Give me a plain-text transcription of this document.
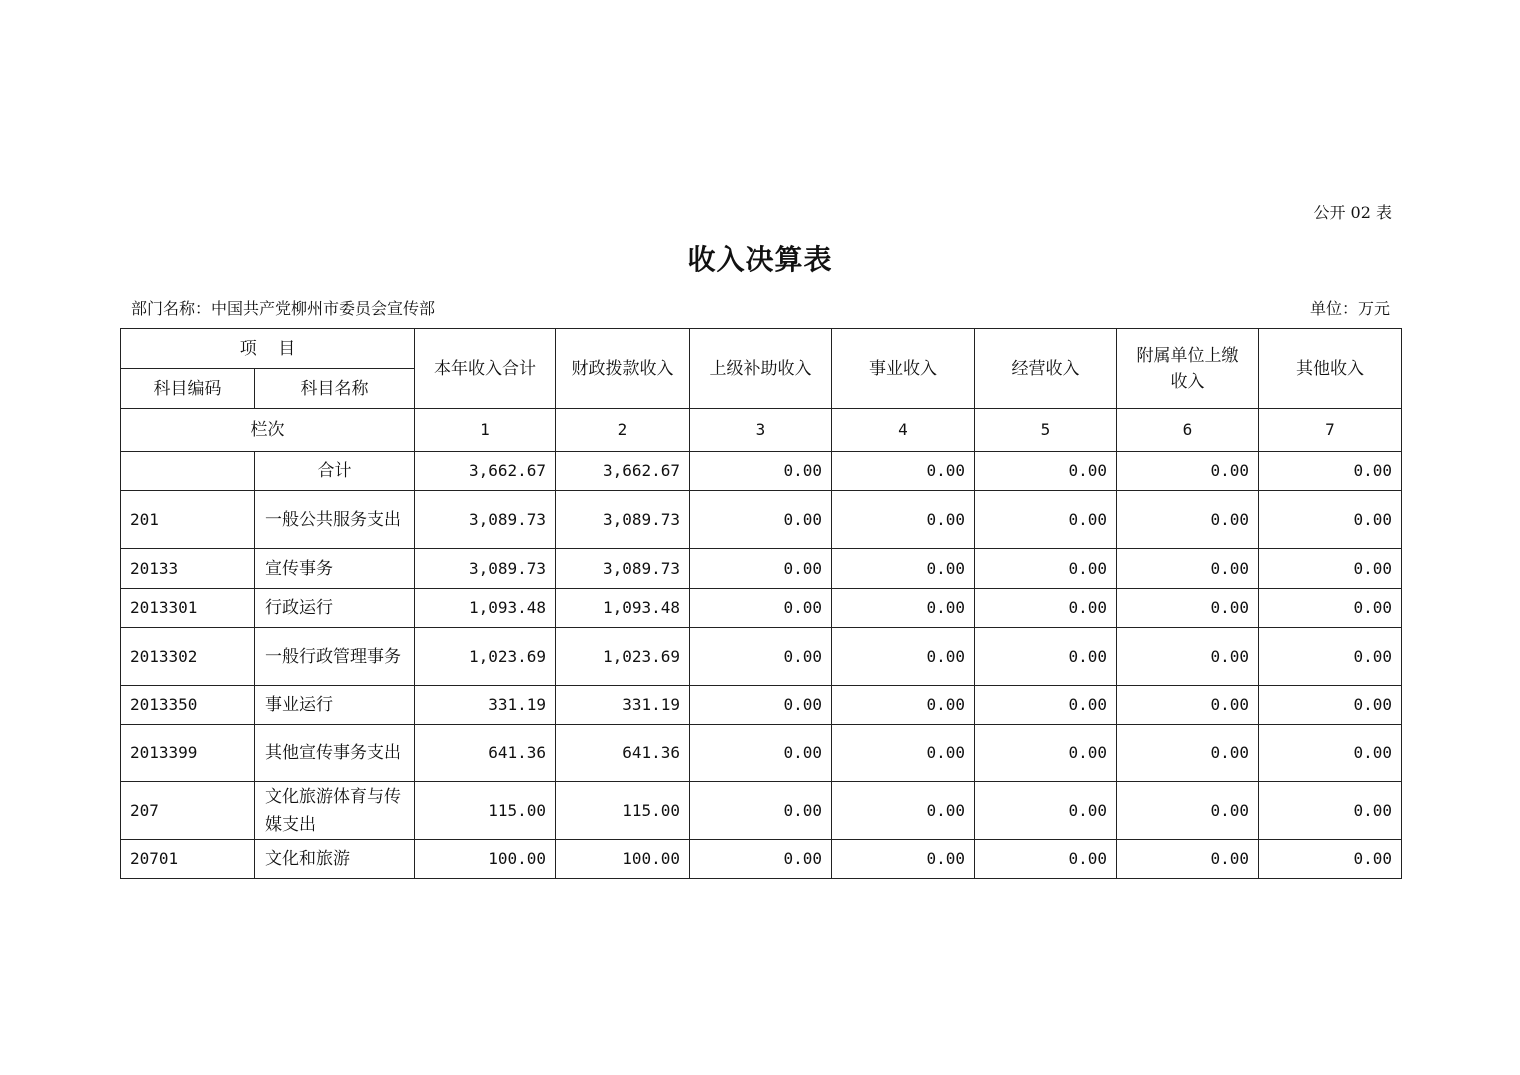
公开 02 表
收入决算表
部门名称：中国共产党柳州市委员会宣传部	单位：万元
项    目		本年收入合计	财政拨款收入	上级补助收入	事业收入	经营收入	附属单位上缴收入	其他收入
科目编码	科目名称							
栏次		1	2	3	4	5	6	7
	合计	3,662.67	3,662.67	0.00	0.00	0.00	0.00	0.00
201	一般公共服务支出	3,089.73	3,089.73	0.00	0.00	0.00	0.00	0.00
20133	宣传事务	3,089.73	3,089.73	0.00	0.00	0.00	0.00	0.00
2013301	行政运行	1,093.48	1,093.48	0.00	0.00	0.00	0.00	0.00
2013302	一般行政管理事务	1,023.69	1,023.69	0.00	0.00	0.00	0.00	0.00
2013350	事业运行	331.19	331.19	0.00	0.00	0.00	0.00	0.00
2013399	其他宣传事务支出	641.36	641.36	0.00	0.00	0.00	0.00	0.00
207	文化旅游体育与传媒支出	115.00	115.00	0.00	0.00	0.00	0.00	0.00
20701	文化和旅游	100.00	100.00	0.00	0.00	0.00	0.00	0.00
